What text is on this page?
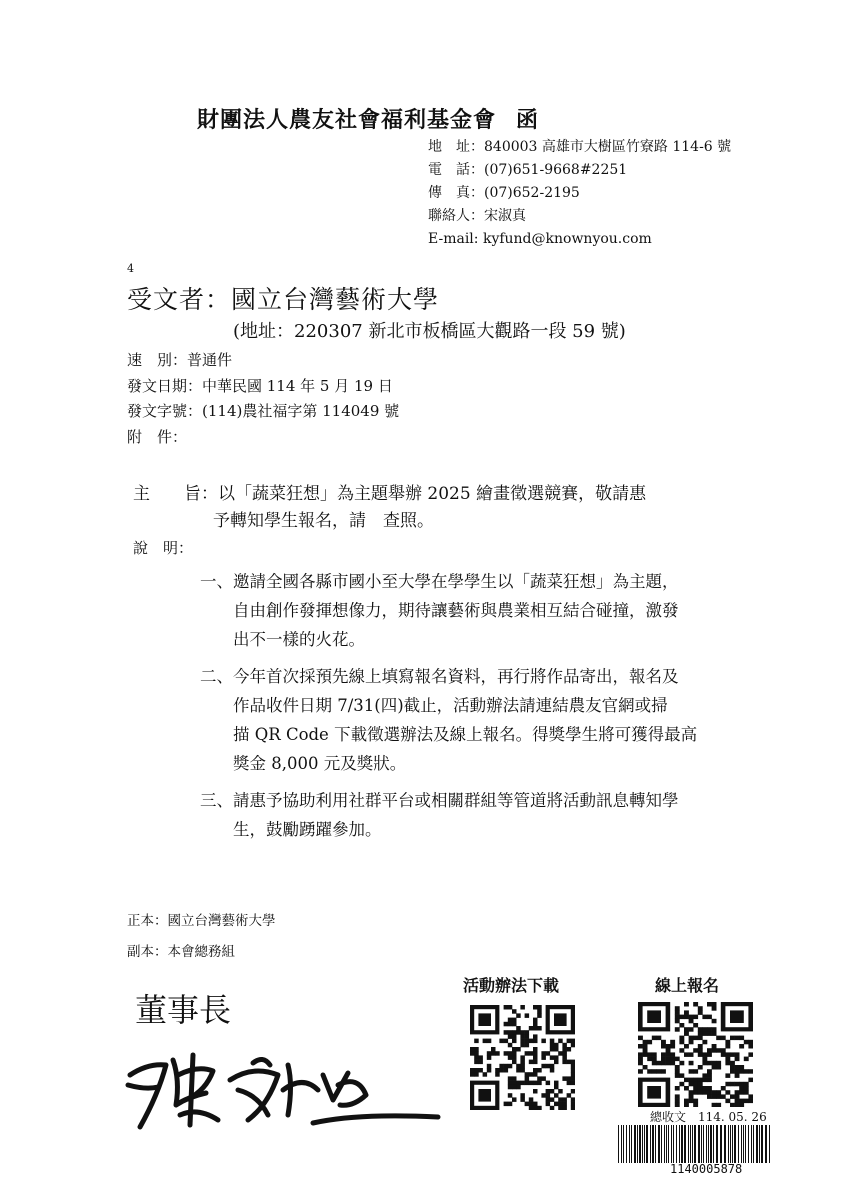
財團法人農友社會福利基金會 函
地　址：840003 高雄市大樹區竹寮路 114-6 號
電　話：(07)651-9668#2251
傳　真：(07)652-2195
聯絡人：宋淑真
E-mail: kyfund@knownyou.com
4
受文者：國立台灣藝術大學
(地址：220307 新北市板橋區大觀路一段 59 號)
速　別：普通件
發文日期：中華民國 114 年 5 月 19 日
發文字號：(114)農社福字第 114049 號
附　件：
主　　旨：以「蔬菜狂想」為主題舉辦 2025 繪畫徵選競賽，敬請惠
予轉知學生報名，請　查照。
說　明：
一、邀請全國各縣市國小至大學在學學生以「蔬菜狂想」為主題，
自由創作發揮想像力，期待讓藝術與農業相互結合碰撞，激發
出不一樣的火花。
二、今年首次採預先線上填寫報名資料，再行將作品寄出，報名及
作品收件日期 7/31(四)截止，活動辦法請連結農友官網或掃
描 QR Code 下載徵選辦法及線上報名。得獎學生將可獲得最高
獎金 8,000 元及獎狀。
三、請惠予協助利用社群平台或相關群組等管道將活動訊息轉知學
生，鼓勵踴躍參加。
正本：國立台灣藝術大學
副本：本會總務組
董事長
活動辦法下載	線上報名
總收文　114. 05. 26
1140005878
